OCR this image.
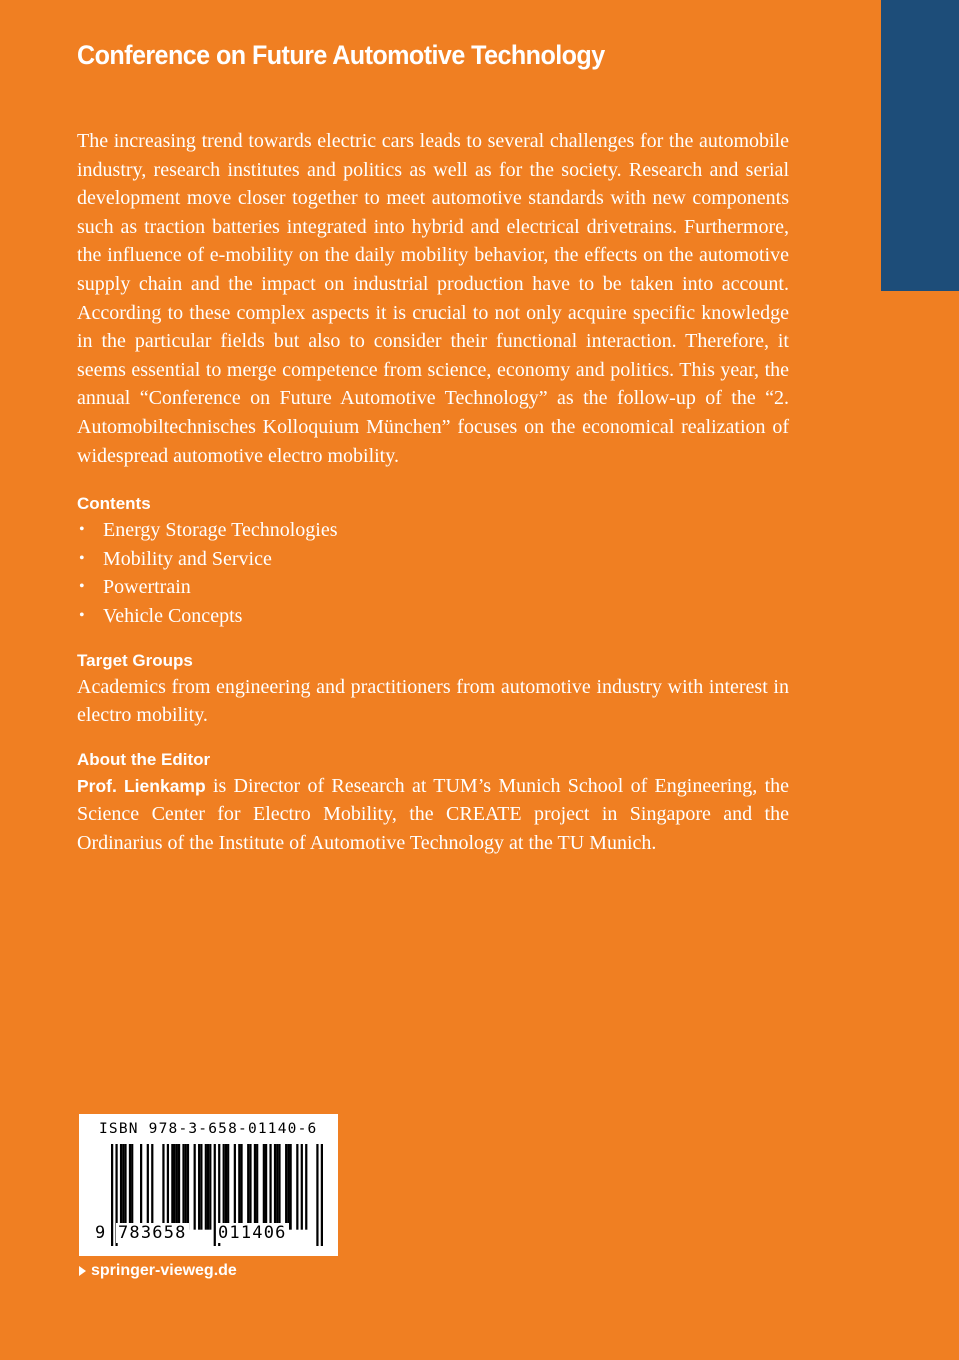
Conference on Future Automotive Technology

The increasing trend towards electric cars leads to several challenges for the automobile industry, research institutes and politics as well as for the society. Research and serial development move closer together to meet automotive standards with new components such as traction batteries integrated into hybrid and electrical drivetrains. Furthermore, the influence of e-mobility on the daily mobility behavior, the effects on the automotive supply chain and the impact on industrial production have to be taken into account. According to these complex aspects it is crucial to not only acquire specific knowledge in the particular fields but also to consider their functional interaction. Therefore, it seems essential to merge competence from science, economy and politics. This year, the annual “Conference on Future Automotive Technology” as the follow-up of the “2. Automobiltechnisches Kolloquium München” focuses on the economical realization of widespread automotive electro mobility.

Contents
• Energy Storage Technologies
• Mobility and Service
• Powertrain
• Vehicle Concepts
Target Groups

Academics from engineering and practitioners from automotive industry with interest in electro mobility.

About the Editor

Prof. Lienkamp is Director of Research at TUM’s Munich School of Engineering, the Science Center for Electro Mobility, the CREATE project in Singapore and the Ordinarius of the Institute of Automotive Technology at the TU Munich.

ISBN 978-3-658-01140-6
9 783658 011406
springer-vieweg.de
